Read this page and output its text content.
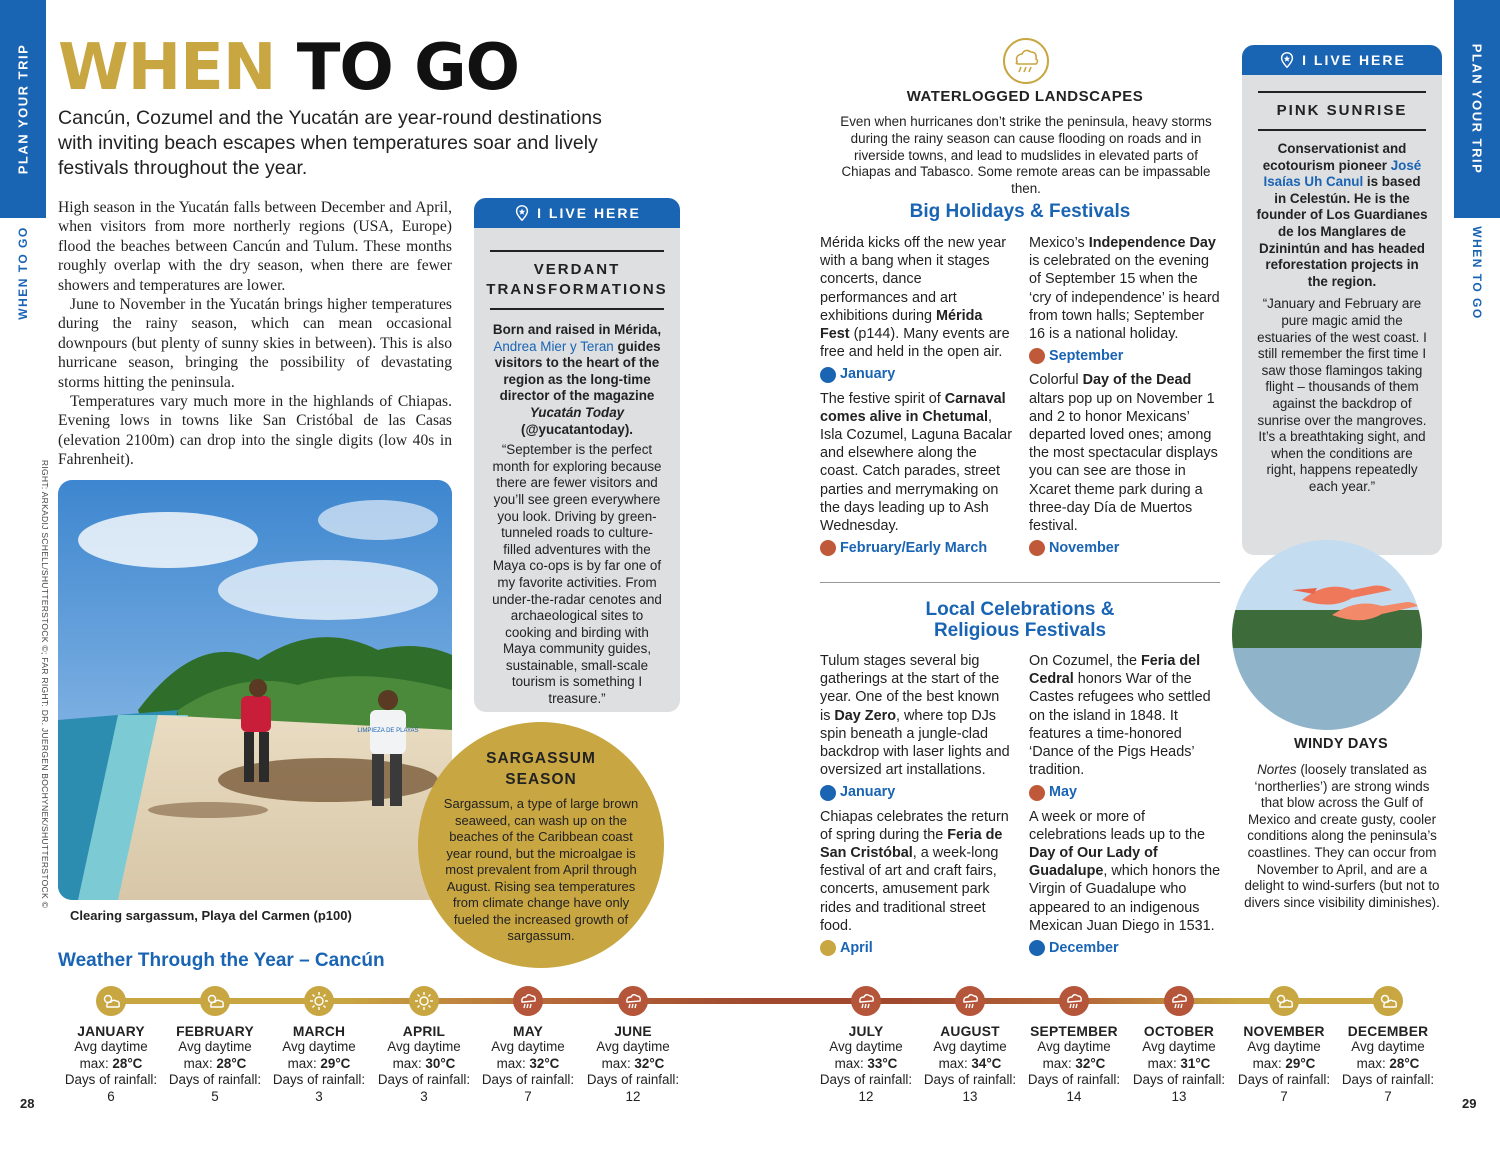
PLAN YOUR TRIP
WHEN TO GO
PLAN YOUR TRIP
WHEN TO GO
WHEN TO GO
Cancún, Cozumel and the Yucatán are year-round destinations with inviting beach escapes when temperatures soar and lively festivals throughout the year.

High season in the Yucatán falls between December and April, when visitors from more northerly regions (USA, Europe) flood the beaches between Cancún and Tulum. These months roughly overlap with the dry season, when there are fewer showers and temperatures are lower.

June to November in the Yucatán brings higher temperatures during the rainy season, which can mean occasional downpours (but plenty of sunny skies in between). This is also hurricane season, bringing the possibility of devastating storms hitting the peninsula.

Temperatures vary much more in the highlands of Chiapas. Evening lows in towns like San Cristóbal de las Casas (elevation 2100m) can drop into the single digits (low 40s in Fahrenheit).

RIGHT: ARKADIJ SCHELL/SHUTTERSTOCK ©; FAR RIGHT: DR. JUERGEN BOCHYNEK/SHUTTERSTOCK ©	LIMPIEZA DE PLAYAS
Clearing sargassum, Playa del Carmen (p100)
I LIVE HERE
VERDANT
TRANSFORMATIONS
Born and raised in Mérida, Andrea Mier y Teran guides visitors to the heart of the region as the long-time director of the magazine Yucatán Today (@yucatantoday).
“September is the perfect month for exploring because there are fewer visitors and you’ll see green everywhere you look. Driving by green-tunneled roads to culture-filled adventures with the Maya co-ops is by far one of my favorite activities. From under-the-radar cenotes and archaeological sites to cooking and birding with Maya community guides, sustainable, small-scale tourism is something I treasure.”
SARGASSUM
SEASON
Sargassum, a type of large brown seaweed, can wash up on the beaches of the Caribbean coast year round, but the microalgae is most prevalent from April through August. Rising sea temperatures from climate change have only fueled the increased growth of sargassum.
WATERLOGGED LANDSCAPES
Even when hurricanes don’t strike the peninsula, heavy storms during the rainy season can cause flooding on roads and in riverside towns, and lead to mudslides in elevated parts of Chiapas and Tabasco. Some remote areas can be impassable then.
Big Holidays & Festivals
Mérida kicks off the new year with a bang when it stages concerts, dance performances and art exhibitions during Mérida Fest (p144). Many events are free and held in the open air.
January
The festive spirit of Carnaval comes alive in Chetumal, Isla Cozumel, Laguna Bacalar and elsewhere along the coast. Catch parades, street parties and merrymaking on the days leading up to Ash Wednesday.
February/Early March
Mexico’s Independence Day is celebrated on the evening of September 15 when the ‘cry of independence’ is heard from town halls; September 16 is a national holiday.
September
Colorful Day of the Dead altars pop up on November 1 and 2 to honor Mexicans’ departed loved ones; among the most spectacular displays you can see are those in Xcaret theme park during a three-day Día de Muertos festival.
November
Local Celebrations &
Religious Festivals
Tulum stages several big gatherings at the start of the year. One of the best known is Day Zero, where top DJs spin beneath a jungle-clad backdrop with laser lights and oversized art installations.
January
Chiapas celebrates the return of spring during the Feria de San Cristóbal, a week-long festival of art and craft fairs, concerts, amusement park rides and traditional street food.
April
On Cozumel, the Feria del Cedral honors War of the Castes refugees who settled on the island in 1848. It features a time-honored ‘Dance of the Pigs Heads’ tradition.
May
A week or more of celebrations leads up to the Day of Our Lady of Guadalupe, which honors the Virgin of Guadalupe who appeared to an indigenous Mexican Juan Diego in 1531.
December
I LIVE HERE
PINK SUNRISE
Conservationist and ecotourism pioneer José Isaías Uh Canul is based in Celestún. He is the founder of Los Guardianes de los Manglares de Dzinintún and has headed reforestation projects in the region.
“January and February are pure magic amid the estuaries of the west coast. I still remember the first time I saw those flamingos taking flight – thousands of them against the backdrop of sunrise over the mangroves. It’s a breathtaking sight, and when the conditions are right, happens repeatedly each year.”
WINDY DAYS
Nortes (loosely translated as ‘northerlies’) are strong winds that blow across the Gulf of Mexico and create gusty, cooler conditions along the peninsula’s coastlines. They can occur from November to April, and are a delight to wind-surfers (but not to divers since visibility diminishes).
Weather Through the Year – Cancún
JANUARY
Avg daytime
max: 28°C
Days of rainfall:
6
FEBRUARY
Avg daytime
max: 28°C
Days of rainfall:
5
MARCH
Avg daytime
max: 29°C
Days of rainfall:
3
APRIL
Avg daytime
max: 30°C
Days of rainfall:
3
MAY
Avg daytime
max: 32°C
Days of rainfall:
7
JUNE
Avg daytime
max: 32°C
Days of rainfall:
12
JULY
Avg daytime
max: 33°C
Days of rainfall:
12
AUGUST
Avg daytime
max: 34°C
Days of rainfall:
13
SEPTEMBER
Avg daytime
max: 32°C
Days of rainfall:
14
OCTOBER
Avg daytime
max: 31°C
Days of rainfall:
13
NOVEMBER
Avg daytime
max: 29°C
Days of rainfall:
7
DECEMBER
Avg daytime
max: 28°C
Days of rainfall:
7
28	29
